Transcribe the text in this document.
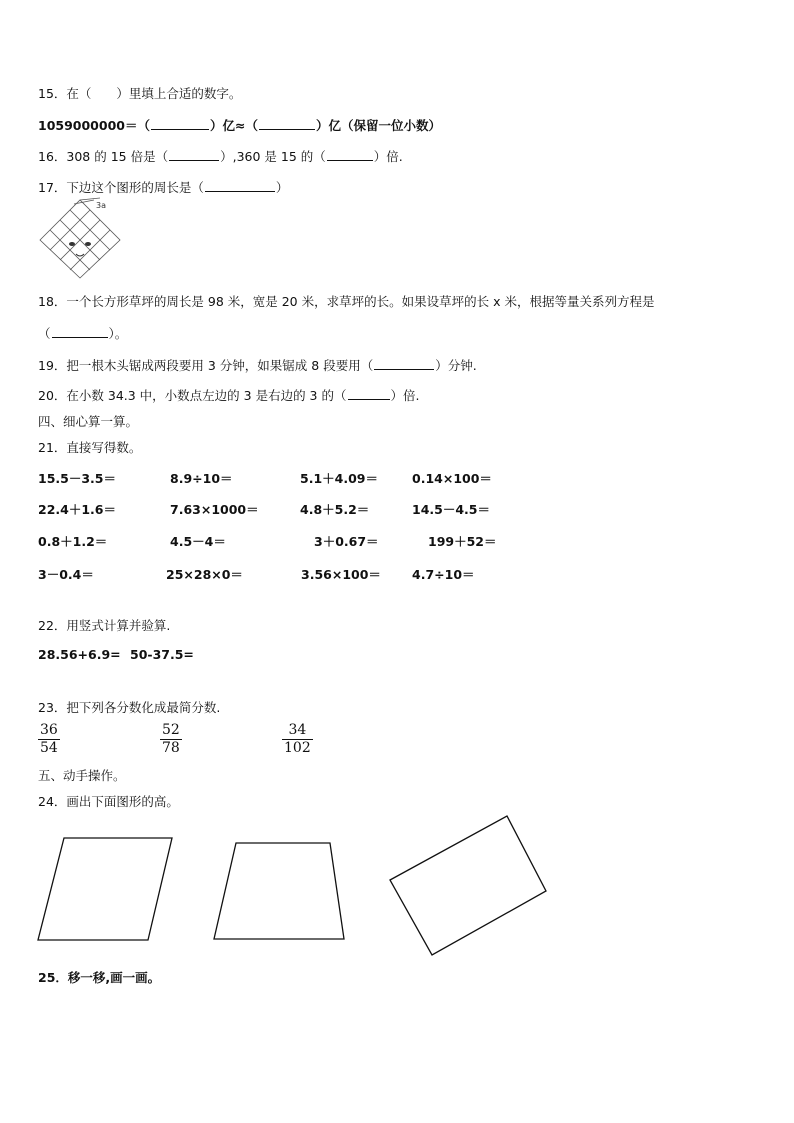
15．在（　　）里填上合适的数字。
1059000000＝（	）亿≈（	）亿（保留一位小数）
16．308 的 15 倍是（	）,360 是 15 的（	）倍.
17．下边这个图形的周长是（	）
3a
18．一个长方形草坪的周长是 98 米，宽是 20 米，求草坪的长。如果设草坪的长 x 米，根据等量关系列方程是
（	）。
19．把一根木头锯成两段要用 3 分钟，如果锯成 8 段要用（	）分钟.
20．在小数 34.3 中，小数点左边的 3 是右边的 3 的（	）倍.
四、细心算一算。
21．直接写得数。
15.5－3.5＝	8.9÷10＝	5.1＋4.09＝	0.14×100＝
22.4＋1.6＝	7.63×1000＝	4.8＋5.2＝	14.5－4.5＝
0.8＋1.2＝	4.5－4＝	3＋0.67＝	199＋52＝
3－0.4＝	25×28×0＝	3.56×100＝ 4.7÷10＝
22．用竖式计算并验算.
28.56+6.9= 50-37.5=
23．把下列各分数化成最简分数.
36
54
52
78
34
102
五、动手操作。
24．画出下面图形的高。
25．移一移,画一画。
